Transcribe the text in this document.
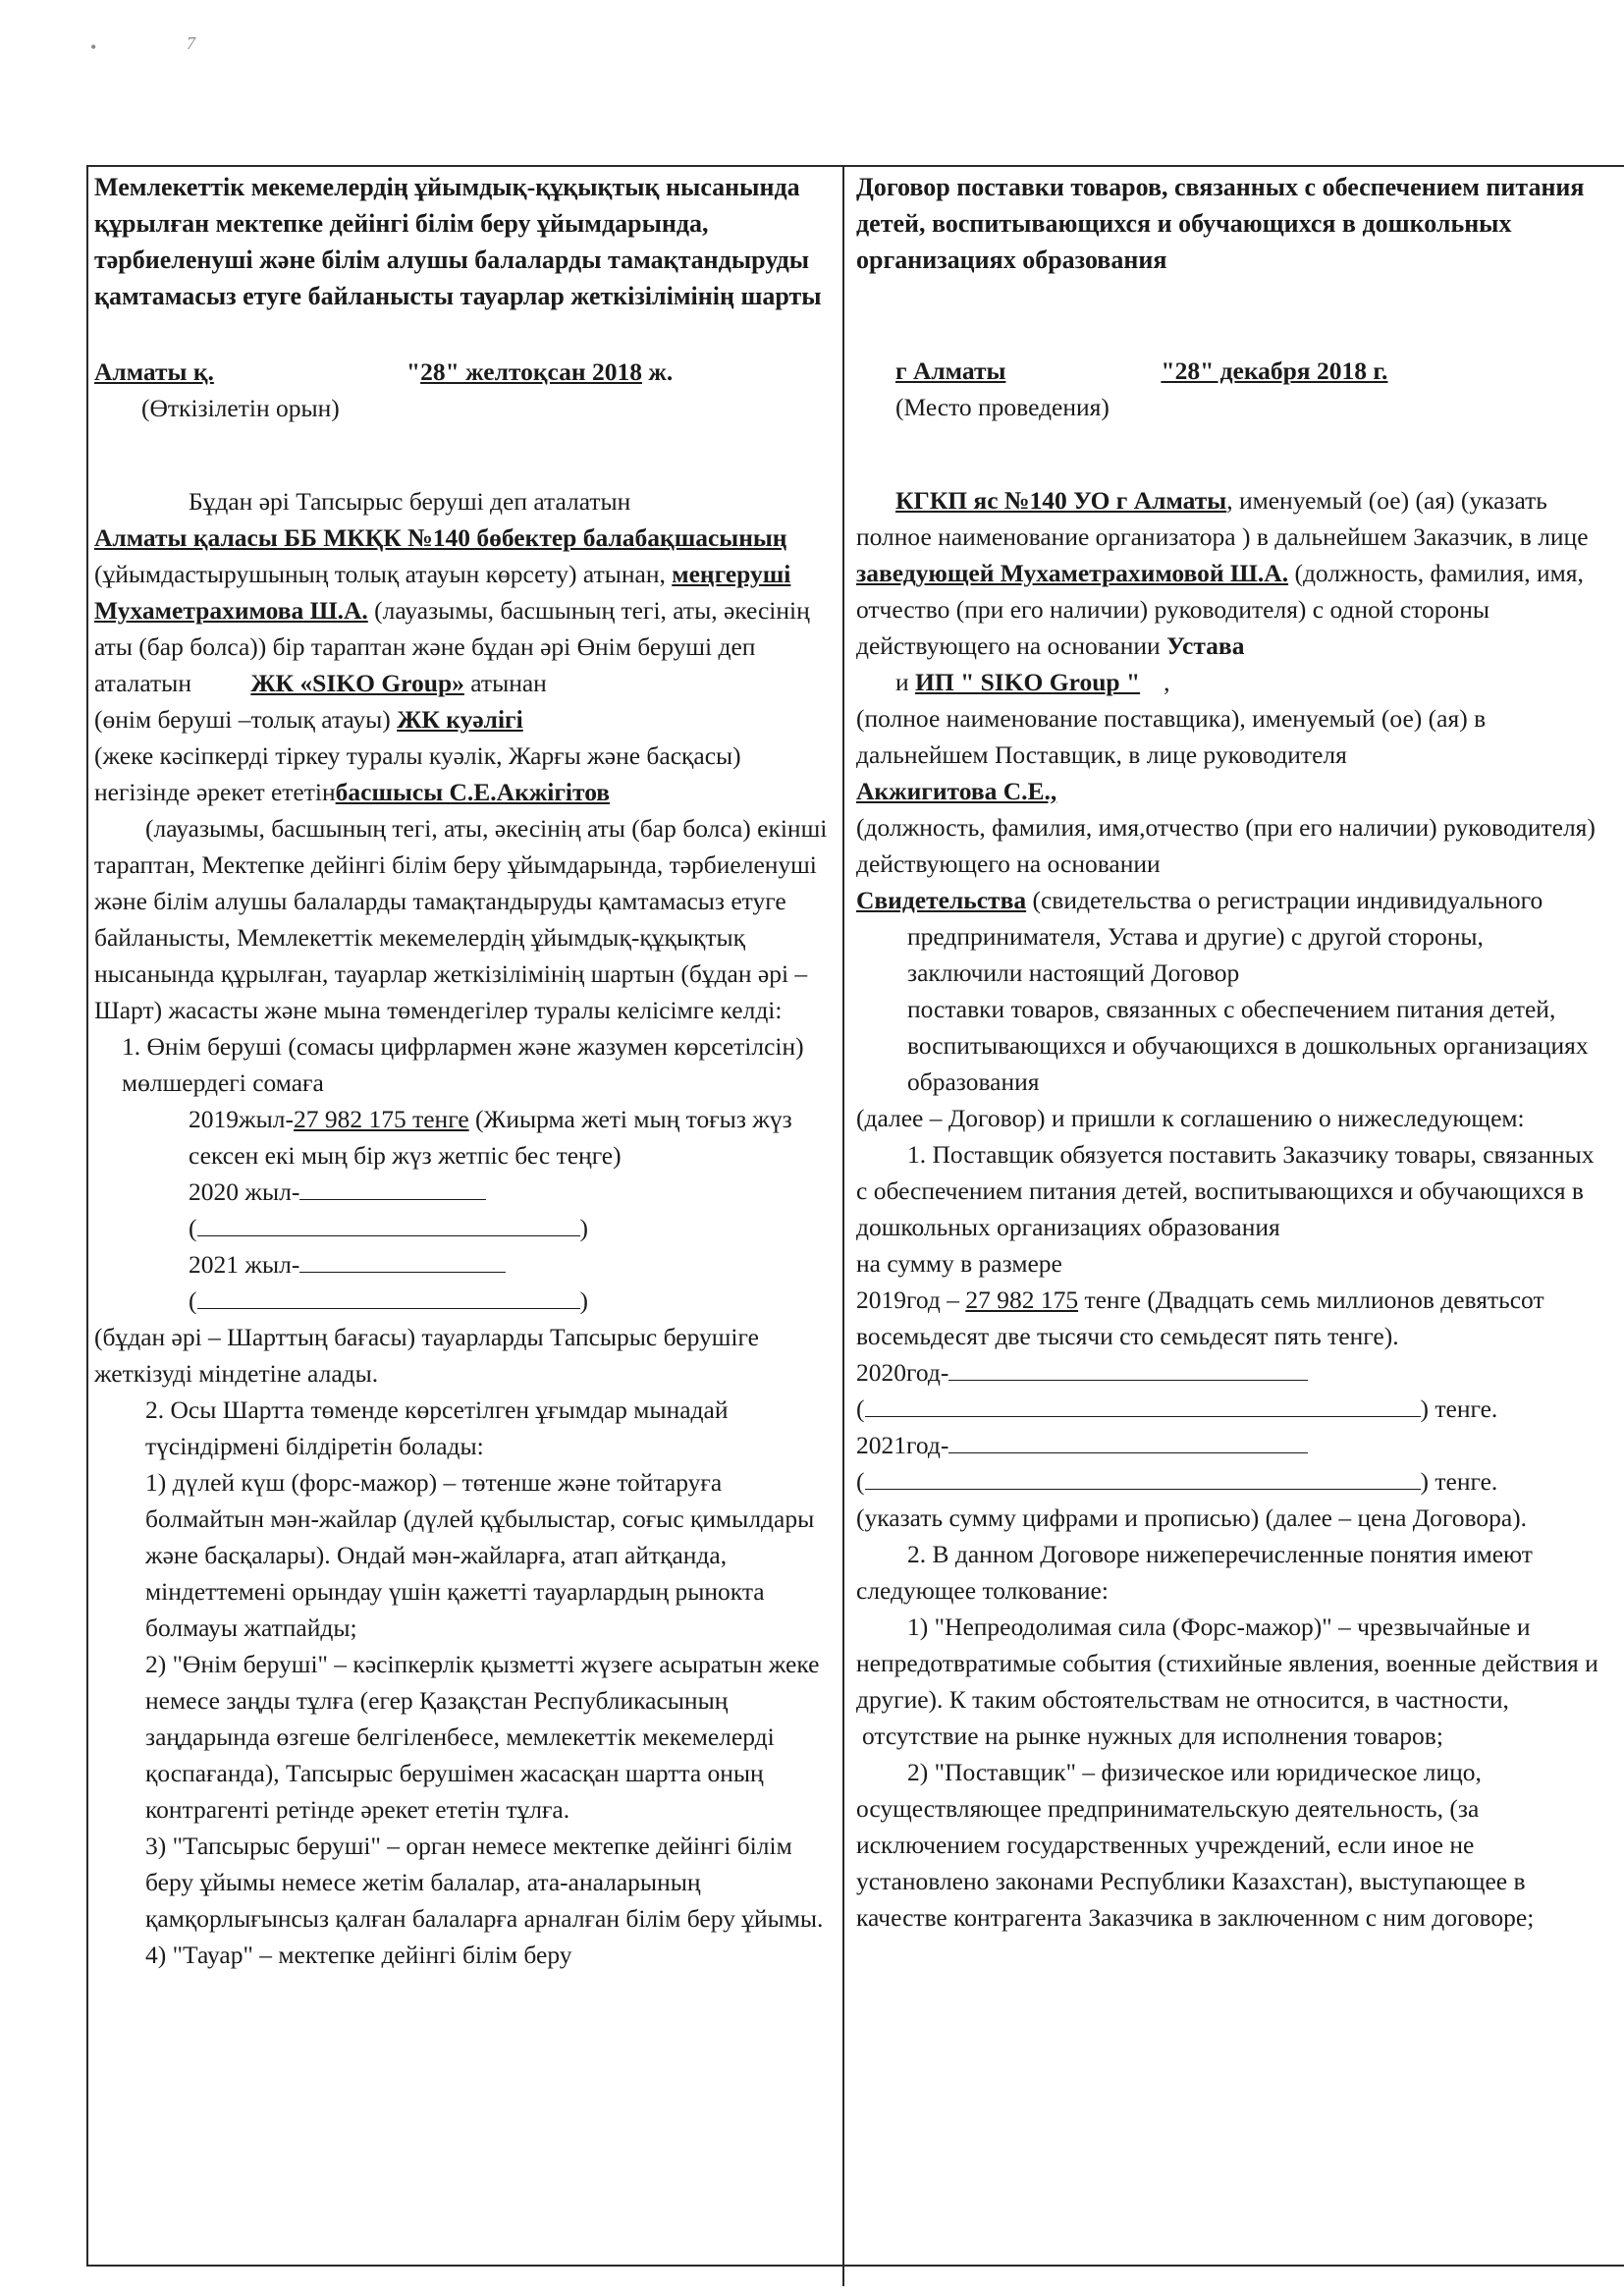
•	7

Мемлекеттік мекемелердің ұйымдық-құқықтық нысанында құрылған мектепке дейінгі білім беру ұйымдарында, тәрбиеленуші және білім алушы балаларды тамақтандыруды қамтамасыз етуге байланысты тауарлар жеткізілімінің шарты

Алматы қ.	"28" желтоқсан 2018 ж.

(Өткізілетін орын)

Бұдан әрі Тапсырыс беруші деп аталатын

Алматы қаласы ББ МКҚК №140 бөбектер балабақшасының (ұйымдастырушының толық атауын көрсету) атынан, меңгеруші Мухаметрахимова Ш.А. (лауазымы, басшының тегі, аты, әкесінің аты (бар болса)) бір тараптан және бұдан әрі Өнім беруші деп аталатын ЖК «SIKO Group» атынан
(өнім беруші –толық атауы) ЖК куәлігі
(жеке кәсіпкерді тіркеу туралы куәлік, Жарғы және басқасы) негізінде әрекет ететінбасшысы С.Е.Акжігітов

(лауазымы, басшының тегі, аты, әкесінің аты (бар болса) екінші тараптан, Мектепке дейінгі білім беру ұйымдарында, тәрбиеленуші және білім алушы балаларды тамақтандыруды қамтамасыз етуге байланысты, Мемлекеттік мекемелердің ұйымдық-құқықтық нысанында құрылған, тауарлар жеткізілімінің шартын (бұдан әрі – Шарт) жасасты және мына төмендегілер туралы келісімге келді:

1. Өнім беруші (сомасы цифрлармен және жазумен көрсетілсін) мөлшердегі сомаға

2019жыл-27 982 175 тенге (Жиырма жеті мың тоғыз жүз сексен екі мың бір жүз жетпіс бес теңге)

2020 жыл-

(	)

2021 жыл-

(	)

(бұдан әрі – Шарттың бағасы) тауарларды Тапсырыс берушіге жеткізуді міндетіне алады.

2. Осы Шартта төменде көрсетілген ұғымдар мынадай түсіндірмені білдіретін болады:

1) дүлей күш (форс-мажор) – төтенше және тойтаруға болмайтын мән-жайлар (дүлей құбылыстар, соғыс қимылдары және басқалары). Ондай мән-жайларға, атап айтқанда, міндеттемені орындау үшін қажетті тауарлардың рынокта болмауы жатпайды;

2) "Өнім беруші" – кәсіпкерлік қызметті жүзеге асыратын жеке немесе заңды тұлға (егер Қазақстан Республикасының заңдарында өзгеше белгіленбесе, мемлекеттік мекемелерді қоспағанда), Тапсырыс берушімен жасасқан шартта оның контрагенті ретінде әрекет ететін тұлға.

3) "Тапсырыс беруші" – орган немесе мектепке дейінгі білім беру ұйымы немесе жетім балалар, ата-аналарының қамқорлығынсыз қалған балаларға арналған білім беру ұйымы.

4) "Тауар" – мектепке дейінгі білім беру

Договор поставки товаров, связанных с обеспечением питания детей, воспитывающихся и обучающихся в дошкольных организациях образования

г Алматы	"28" декабря 2018 г.

(Место проведения)

КГКП яс №140 УО г Алматы, именуемый (ое) (ая) (указать полное наименование организатора ) в дальнейшем Заказчик, в лице заведующей Мухаметрахимовой Ш.А. (должность, фамилия, имя, отчество (при его наличии) руководителя) с одной стороны действующего на основании Устава
и ИП " SIKO Group " ,
(полное наименование поставщика), именуемый (ое) (ая) в дальнейшем Поставщик, в лице руководителя
Акжигитова С.Е.,
(должность, фамилия, имя,отчество (при его наличии) руководителя) действующего на основании
Свидетельства (свидетельства о регистрации индивидуального

предпринимателя, Устава и другие) с другой стороны, заключили настоящий Договор

поставки товаров, связанных с обеспечением питания детей, воспитывающихся и обучающихся в дошкольных организациях образования

(далее – Договор) и пришли к соглашению о нижеследующем:

1. Поставщик обязуется поставить Заказчику товары, связанных с обеспечением питания детей, воспитывающихся и обучающихся в дошкольных организациях образования

на сумму в размере

2019год – 27 982 175 тенге (Двадцать семь миллионов девятьсот восемьдесят две тысячи сто семьдесят пять тенге).

2020год-

(	) тенге.

2021год-

(	) тенге.

(указать сумму цифрами и прописью) (далее – цена Договора).

2. В данном Договоре нижеперечисленные понятия имеют следующее толкование:

1) "Непреодолимая сила (Форс-мажор)" – чрезвычайные и непредотвратимые события (стихийные явления, военные действия и другие). К таким обстоятельствам не относится, в частности,

отсутствие на рынке нужных для исполнения товаров;

2) "Поставщик" – физическое или юридическое лицо, осуществляющее предпринимательскую деятельность, (за исключением государственных учреждений, если иное не установлено законами Республики Казахстан), выступающее в качестве контрагента Заказчика в заключенном с ним договоре;
